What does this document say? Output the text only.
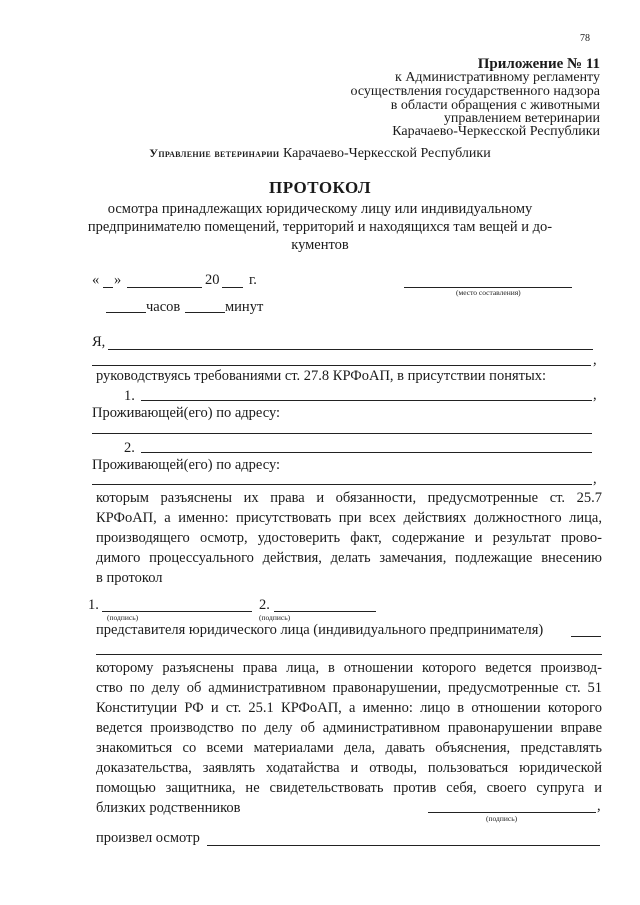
78
Приложение № 11
к Административному регламенту
осуществления государственного надзора
в области обращения с животными
управлением ветеринарии
Карачаево-Черкесской Республики
Управление ветеринарии Карачаево-Черкесской Республики
ПРОТОКОЛ
осмотра принадлежащих юридическому лицу или индивидуальному
предпринимателю помещений, территорий и находящихся там вещей и до-
кументов
« »	20 г.
(место составления)
часов	минут
Я,
,
руководствуясь требованиями ст. 27.8 КРФоАП, в присутствии понятых:
1.	,
Проживающей(его) по адресу:
2.
Проживающей(его) по адресу:
,
которым разъяснены их права и обязанности, предусмотренные ст. 25.7
КРФоАП, а именно: присутствовать при всех действиях должностного лица,
производящего осмотр, удостоверить факт, содержание и результат прово-
димого процессуального действия, делать замечания, подлежащие внесению
в протокол
1.
(подпись)
2.
(подпись)
представителя юридического лица (индивидуального предпринимателя)
которому разъяснены права лица, в отношении которого ведется производ-
ство по делу об административном правонарушении, предусмотренные ст. 51
Конституции РФ и ст. 25.1 КРФоАП, а именно: лицо в отношении которого
ведется производство по делу об административном правонарушении вправе
знакомиться со всеми материалами дела, давать объяснения, представлять
доказательства, заявлять ходатайства и отводы, пользоваться юридической
помощью защитника, не свидетельствовать против себя, своего супруга и
близких родственников	,
(подпись)
произвел осмотр
